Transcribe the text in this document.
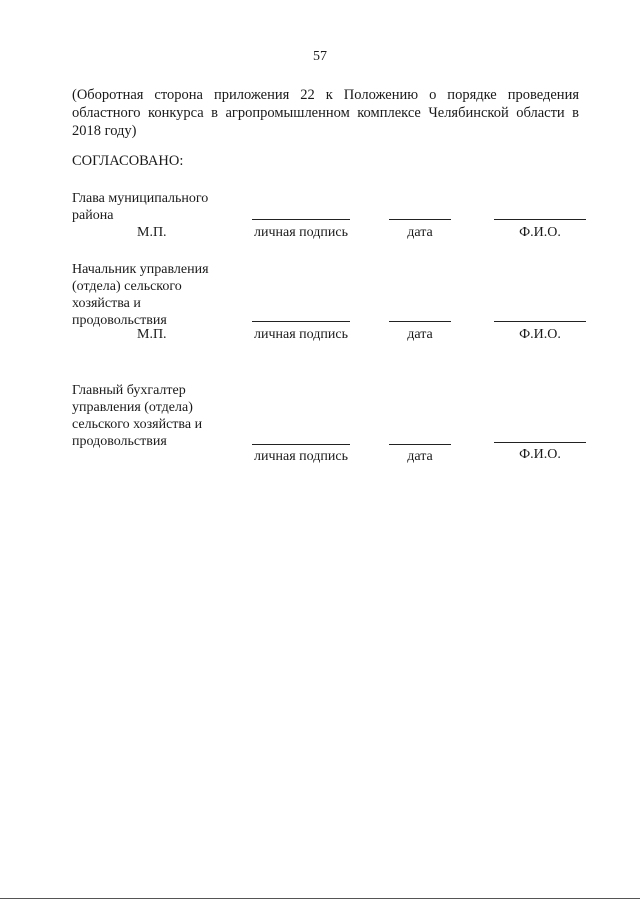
57
(Оборотная сторона приложения 22 к Положению о порядке проведения
областного конкурса в агропромышленном комплексе Челябинской области в
2018 году)
СОГЛАСОВАНО:
Глава муниципального
района
М.П.	личная подпись	дата	Ф.И.О.
Начальник управления
(отдела) сельского
хозяйства и
продовольствия
М.П.	личная подпись	дата	Ф.И.О.
Главный бухгалтер
управления (отдела)
сельского хозяйства и
продовольствия
личная подпись	дата	Ф.И.О.
